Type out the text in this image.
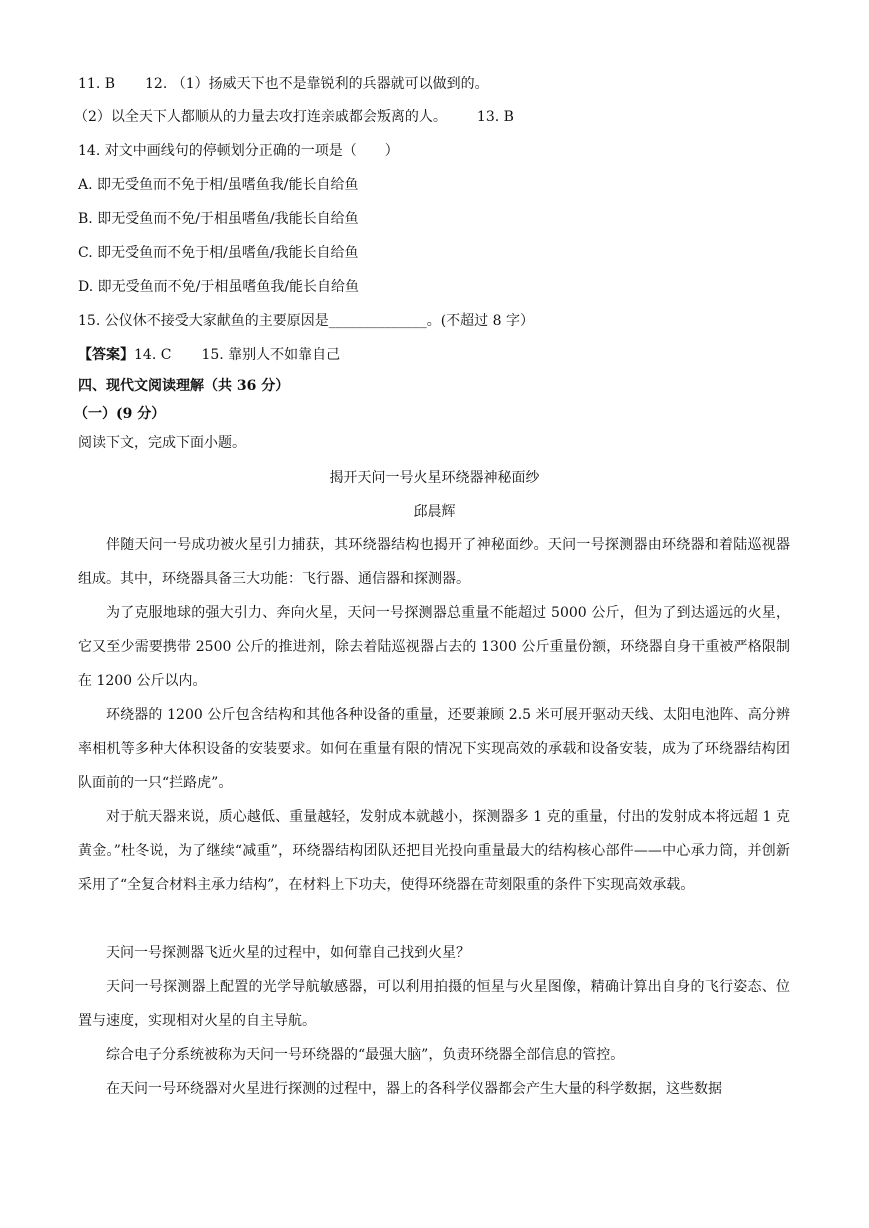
11. B 12. （1）扬威天下也不是靠锐利的兵器就可以做到的。
（2）以全天下人都顺从的力量去攻打连亲戚都会叛离的人。 13. B
14. 对文中画线句的停顿划分正确的一项是（　　）
A. 即无受鱼而不免于相/虽嗜鱼我/能长自给鱼
B. 即无受鱼而不免/于相虽嗜鱼/我能长自给鱼
C. 即无受鱼而不免于相/虽嗜鱼/我能长自给鱼
D. 即无受鱼而不免/于相虽嗜鱼我/能长自给鱼
15. 公仪休不接受大家献鱼的主要原因是______________。(不超过 8 字）
【答案】14. C 15. 靠别人不如靠自己
四、现代文阅读理解（共 36 分）
（一）(9 分）
阅读下文，完成下面小题。
揭开天问一号火星环绕器神秘面纱
邱晨辉
伴随天问一号成功被火星引力捕获，其环绕器结构也揭开了神秘面纱。天问一号探测器由环绕器和着陆巡视器组成。其中，环绕器具备三大功能：飞行器、通信器和探测器。
为了克服地球的强大引力、奔向火星，天问一号探测器总重量不能超过 5000 公斤，但为了到达遥远的火星，它又至少需要携带 2500 公斤的推进剂，除去着陆巡视器占去的 1300 公斤重量份额，环绕器自身干重被严格限制在 1200 公斤以内。
环绕器的 1200 公斤包含结构和其他各种设备的重量，还要兼顾 2.5 米可展开驱动天线、太阳电池阵、高分辨率相机等多种大体积设备的安装要求。如何在重量有限的情况下实现高效的承载和设备安装，成为了环绕器结构团队面前的一只“拦路虎”。
对于航天器来说，质心越低、重量越轻，发射成本就越小，探测器多 1 克的重量，付出的发射成本将远超 1 克黄金。”杜冬说，为了继续“减重”，环绕器结构团队还把目光投向重量最大的结构核心部件——中心承力筒，并创新采用了“全复合材料主承力结构”，在材料上下功夫，使得环绕器在苛刻限重的条件下实现高效承载。
天问一号探测器飞近火星的过程中，如何靠自己找到火星？
天问一号探测器上配置的光学导航敏感器，可以利用拍摄的恒星与火星图像，精确计算出自身的飞行姿态、位置与速度，实现相对火星的自主导航。
综合电子分系统被称为天问一号环绕器的“最强大脑”，负责环绕器全部信息的管控。
在天问一号环绕器对火星进行探测的过程中，器上的各科学仪器都会产生大量的科学数据，这些数据
